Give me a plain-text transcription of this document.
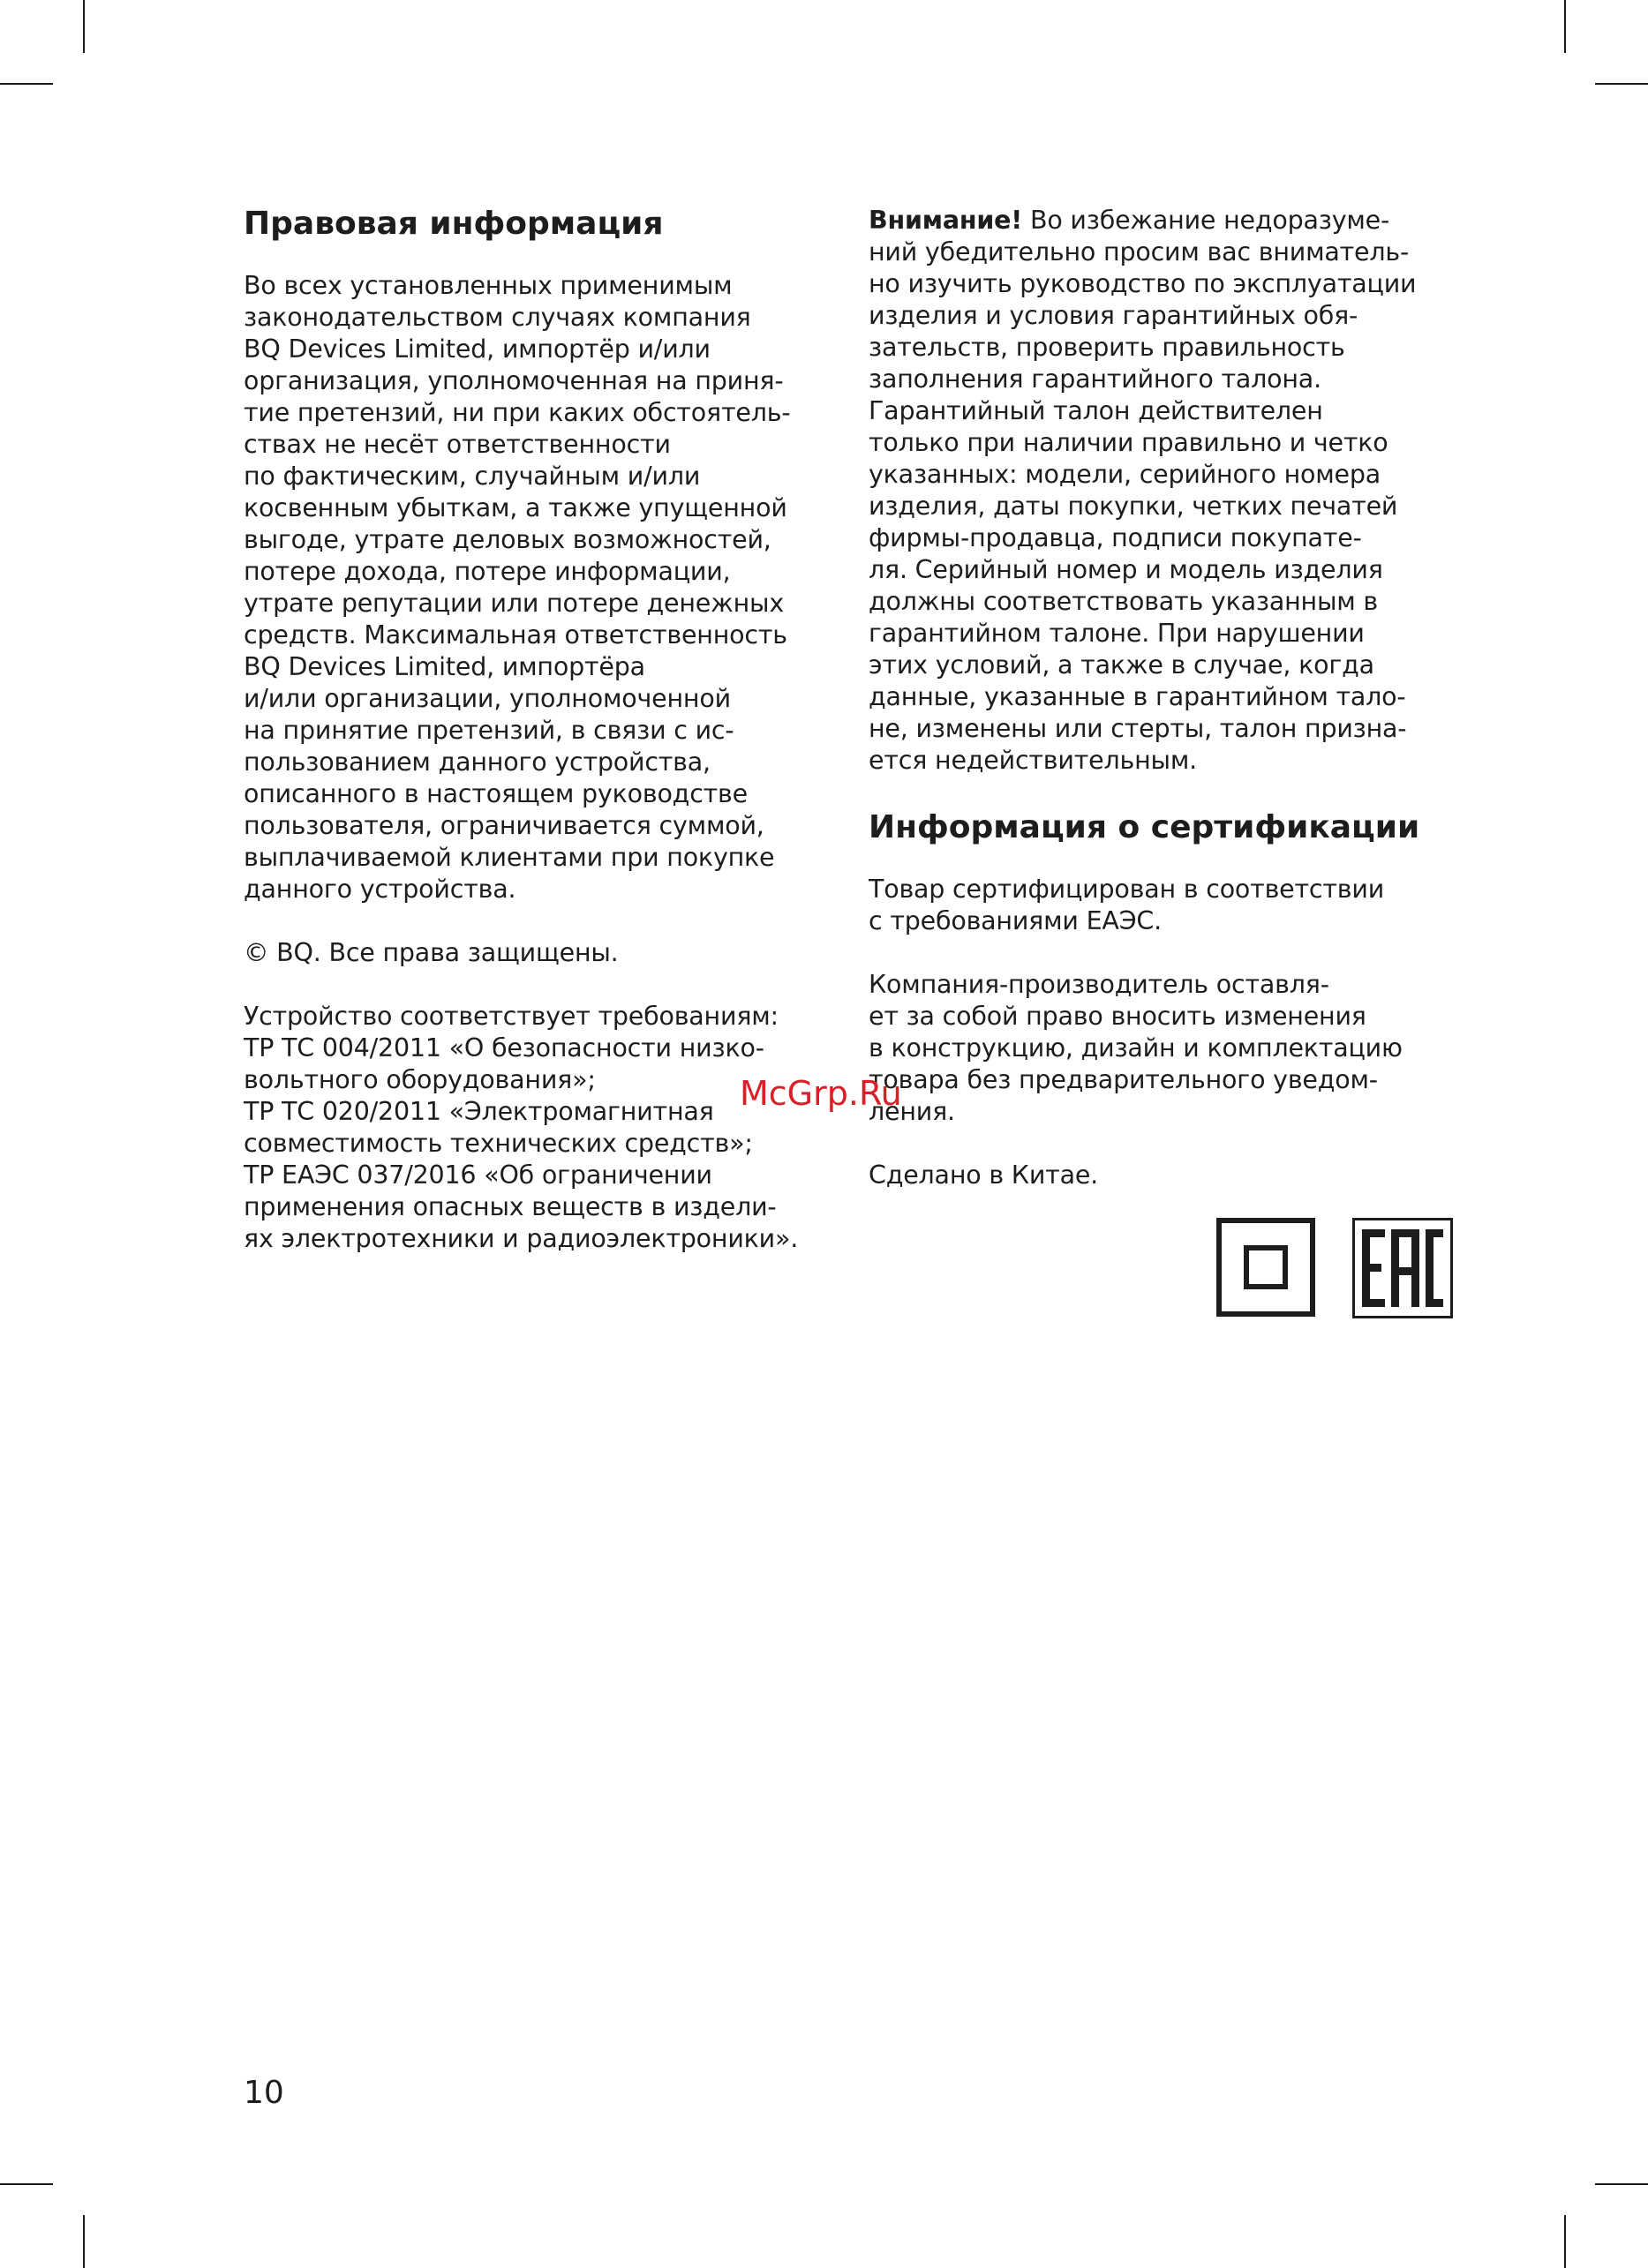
Правовая информация

Во всех установленных применимым
законодательством случаях компания
BQ Devices Limited, импортёр и/или
организация, уполномоченная на приня-
тие претензий, ни при каких обстоятель-
ствах не несёт ответственности
по фактическим, случайным и/или
косвенным убыткам, а также упущенной
выгоде, утрате деловых возможностей,
потере дохода, потере информации,
утрате репутации или потере денежных
средств. Максимальная ответственность
BQ Devices Limited, импортёра
и/или организации, уполномоченной
на принятие претензий, в связи с ис-
пользованием данного устройства,
описанного в настоящем руководстве
пользователя, ограничивается суммой,
выплачиваемой клиентами при покупке
данного устройства.

© BQ. Все права защищены.

Устройство соответствует требованиям:
ТР ТС 004/2011 «О безопасности низко-
вольтного оборудования»;
ТР ТС 020/2011 «Электромагнитная
совместимость технических средств»;
ТР ЕАЭС 037/2016 «Об ограничении
применения опасных веществ в издели-
ях электротехники и радиоэлектроники».

Внимание! Во избежание недоразуме-
ний убедительно просим вас вниматель-
но изучить руководство по эксплуатации
изделия и условия гарантийных обя-
зательств, проверить правильность
заполнения гарантийного талона.
Гарантийный талон действителен
только при наличии правильно и четко
указанных: модели, серийного номера
изделия, даты покупки, четких печатей
фирмы-продавца, подписи покупате-
ля. Серийный номер и модель изделия
должны соответствовать указанным в
гарантийном талоне. При нарушении
этих условий, а также в случае, когда
данные, указанные в гарантийном тало-
не, изменены или стерты, талон призна-
ется недействительным.

Информация о сертификации

Товар сертифицирован в соответствии
с требованиями ЕАЭС.

Компания-производитель оставля-
ет за собой право вносить изменения
в конструкцию, дизайн и комплектацию
товара без предварительного уведом-
ления.

Сделано в Китае.

McGrp.Ru
10
